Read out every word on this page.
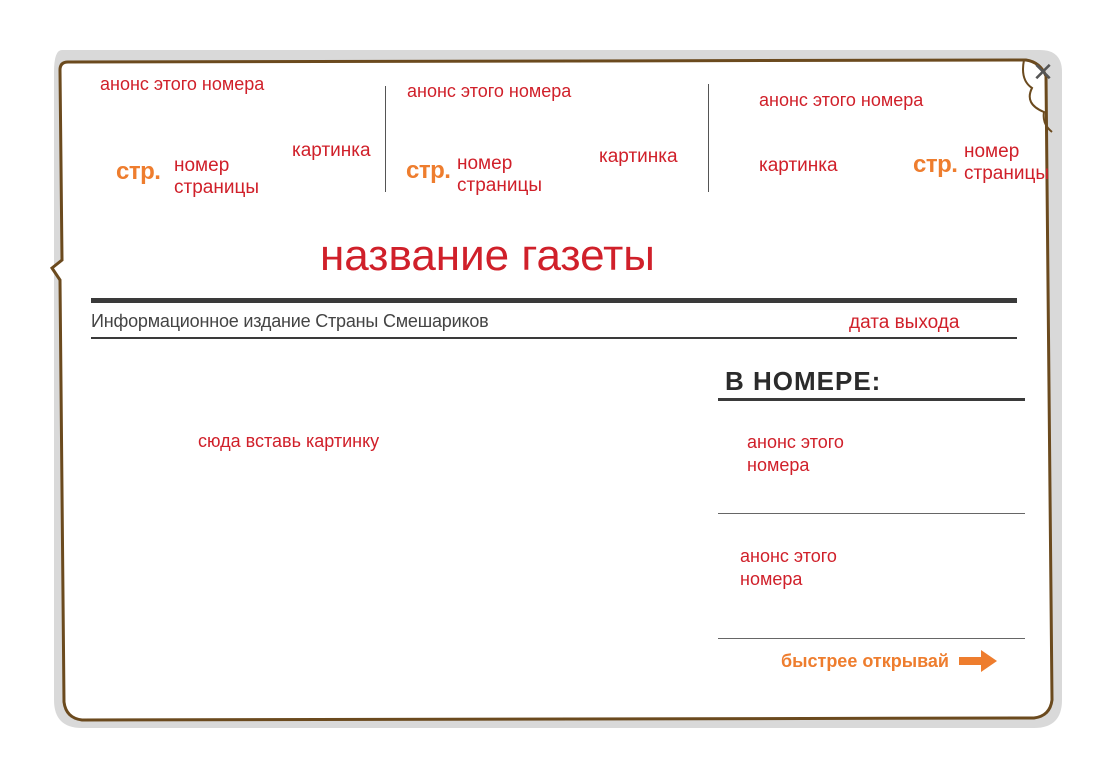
✕
анонс этого номера
картинка
стр. номер страницы
анонс этого номера
картинка
стр. номер страницы
анонс этого номера
картинка	стр. номер страницы
название газеты
Информационное издание Страны Смешариков	дата выхода
сюда вставь картинку
В НОМЕРЕ:
анонс этого номера
анонс этого номера
быстрее открывай
